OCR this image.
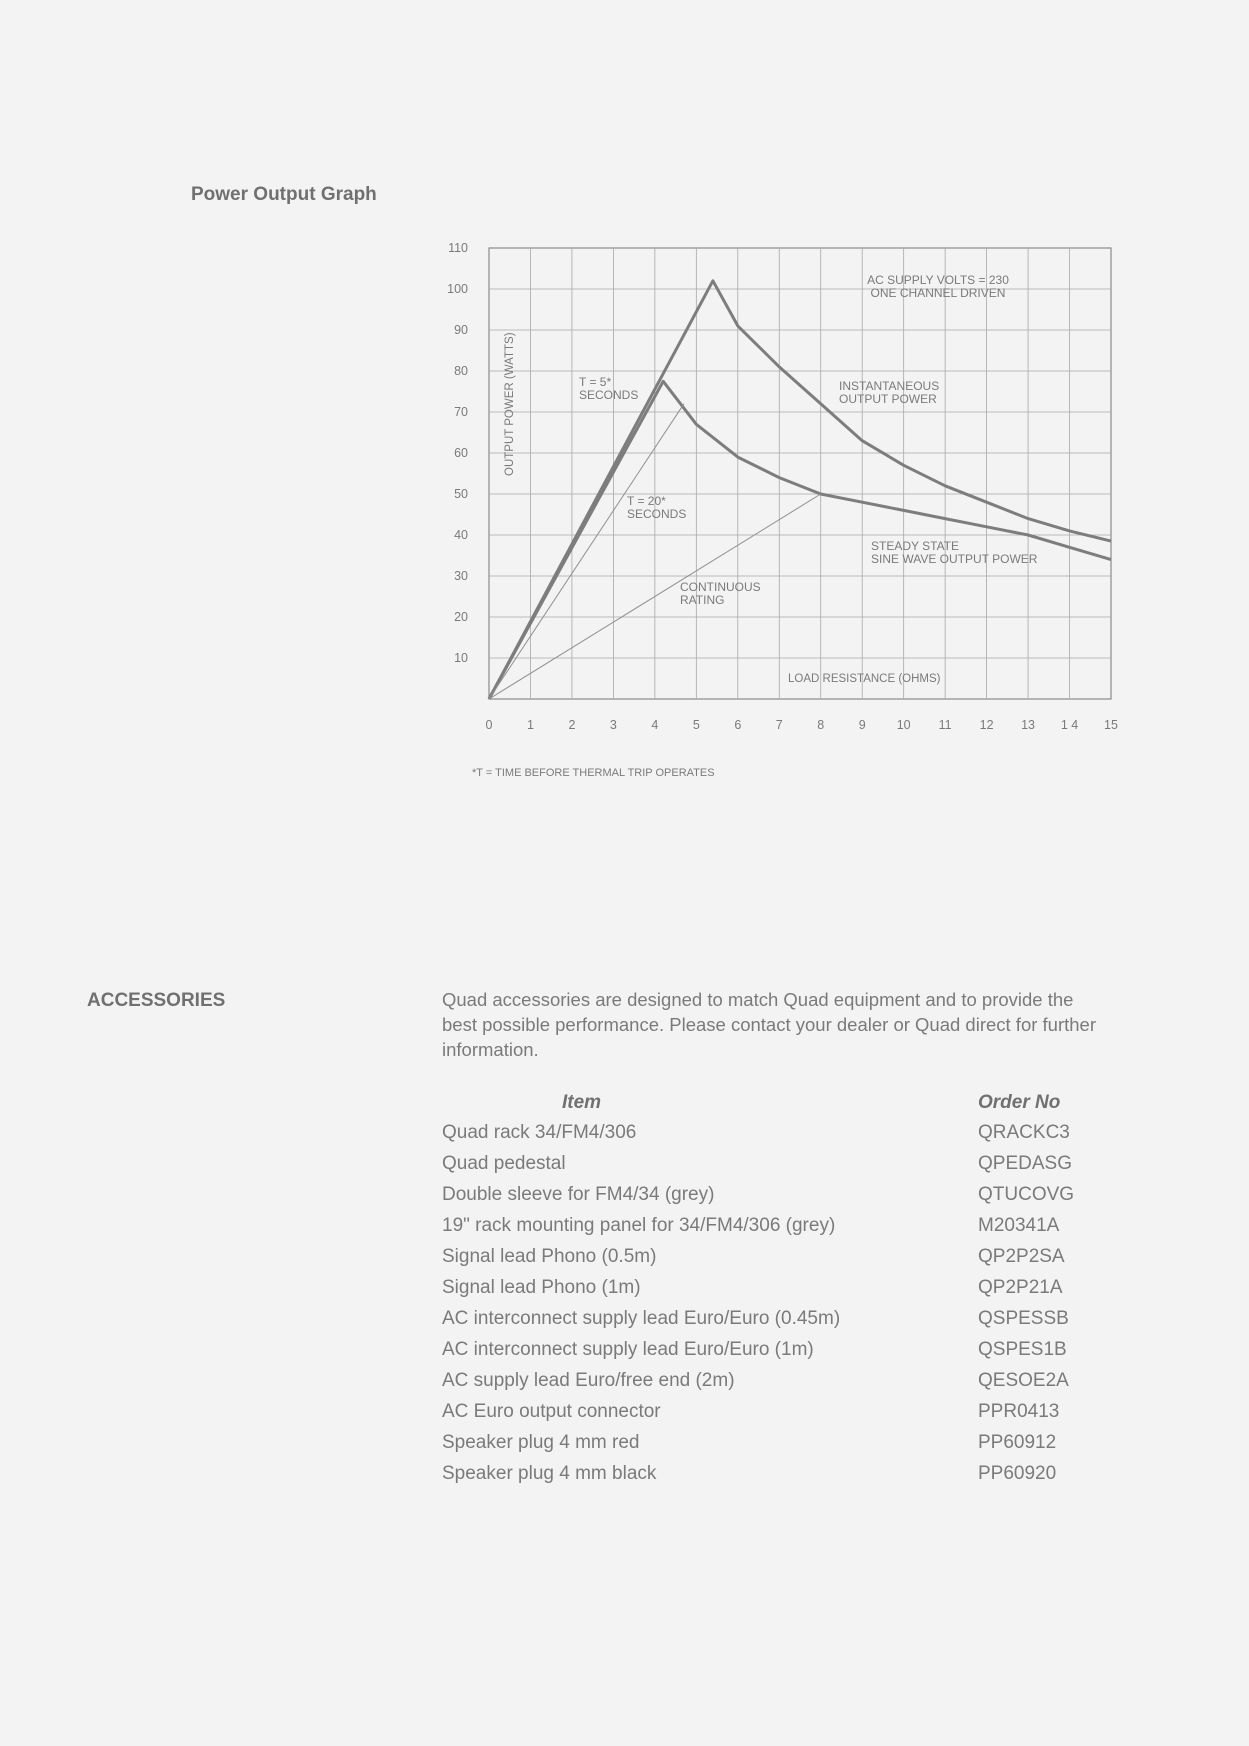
Power Output Graph
10
20
30
40
50
60
70
80
90
100
110
0	1	2	3	4	5	6	7	8	9 10 11 12 13 1 4 15
AC SUPPLY VOLTS = 230 ONE CHANNEL DRIVEN
T = 5* SECONDS
T = 20* SECONDS
INSTANTANEOUS OUTPUT POWER
STEADY STATE SINE WAVE OUTPUT POWER
CONTINUOUS RATING
OUTPUT POWER (WATTS)
LOAD RESISTANCE (OHMS)
*T = TIME BEFORE THERMAL TRIP OPERATES
ACCESSORIES	Quad accessories are designed to match Quad equipment and to provide the best possible performance. Please contact your dealer or Quad direct for further information.

Item	Order No
Quad rack 34/FM4/306	QRACKC3
Quad pedestal	QPEDASG
Double sleeve for FM4/34 (grey)	QTUCOVG
19" rack mounting panel for 34/FM4/306 (grey)	M20341A
Signal lead Phono (0.5m)	QP2P2SA
Signal lead Phono (1m)	QP2P21A
AC interconnect supply lead Euro/Euro (0.45m)	QSPESSB
AC interconnect supply lead Euro/Euro (1m)	QSPES1B
AC supply lead Euro/free end (2m)	QESOE2A
AC Euro output connector	PPR0413
Speaker plug 4 mm red	PP60912
Speaker plug 4 mm black	PP60920
